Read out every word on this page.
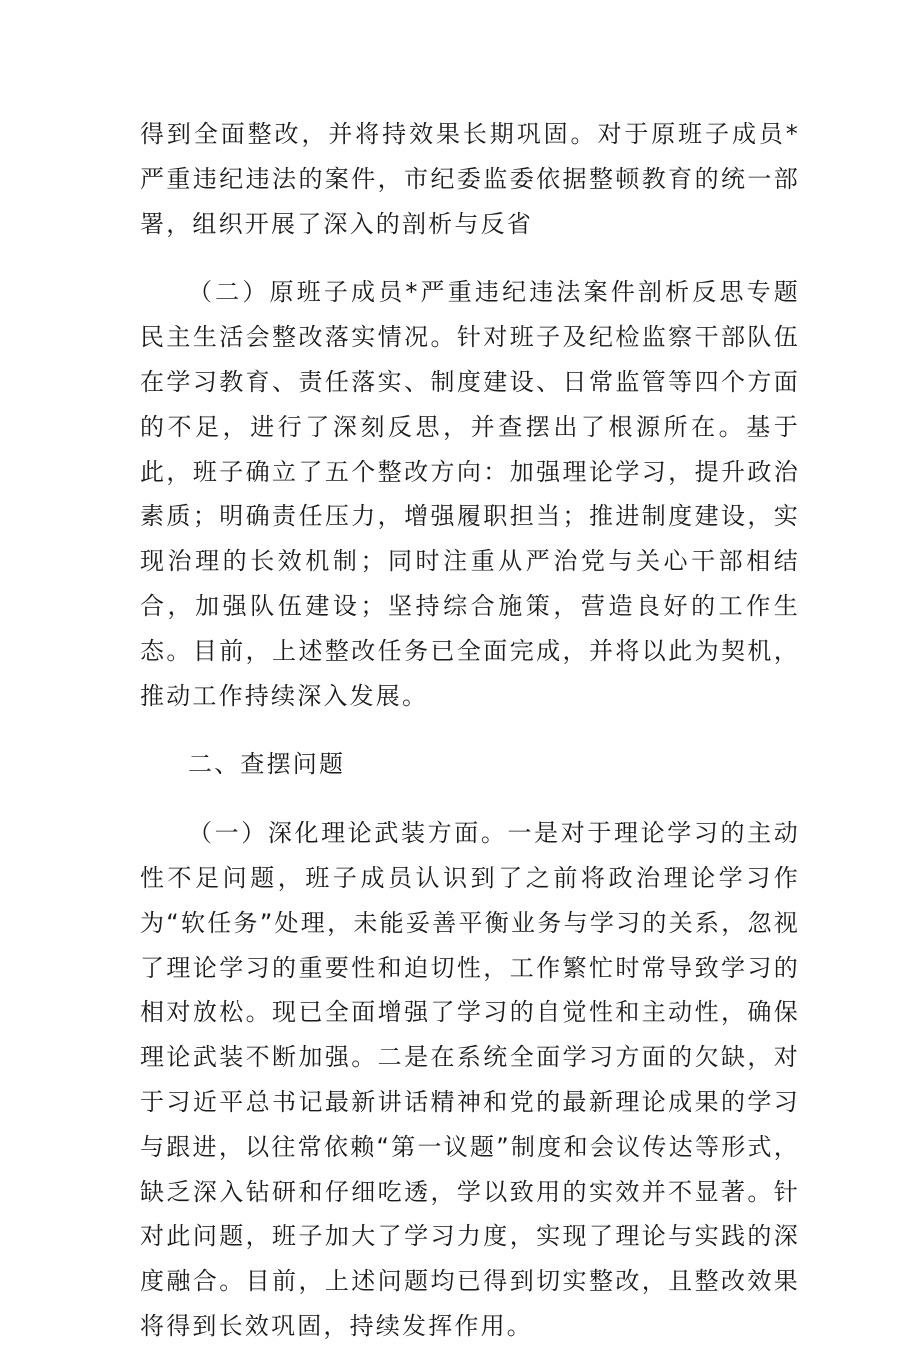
得到全面整改，并将持效果长期巩固。对于原班子成员*严重违纪违法的案件，市纪委监委依据整顿教育的统一部署，组织开展了深入的剖析与反省

（二）原班子成员*严重违纪违法案件剖析反思专题民主生活会整改落实情况。针对班子及纪检监察干部队伍在学习教育、责任落实、制度建设、日常监管等四个方面的不足，进行了深刻反思，并查摆出了根源所在。基于此，班子确立了五个整改方向：加强理论学习，提升政治素质；明确责任压力，增强履职担当；推进制度建设，实现治理的长效机制；同时注重从严治党与关心干部相结合，加强队伍建设；坚持综合施策，营造良好的工作生态。目前，上述整改任务已全面完成，并将以此为契机，推动工作持续深入发展。

二、查摆问题

（一）深化理论武装方面。一是对于理论学习的主动性不足问题，班子成员认识到了之前将政治理论学习作为“软任务”处理，未能妥善平衡业务与学习的关系，忽视了理论学习的重要性和迫切性，工作繁忙时常导致学习的相对放松。现已全面增强了学习的自觉性和主动性，确保理论武装不断加强。二是在系统全面学习方面的欠缺，对于习近平总书记最新讲话精神和党的最新理论成果的学习与跟进，以往常依赖“第一议题”制度和会议传达等形式，缺乏深入钻研和仔细吃透，学以致用的实效并不显著。针对此问题，班子加大了学习力度，实现了理论与实践的深度融合。目前，上述问题均已得到切实整改，且整改效果将得到长效巩固，持续发挥作用。
